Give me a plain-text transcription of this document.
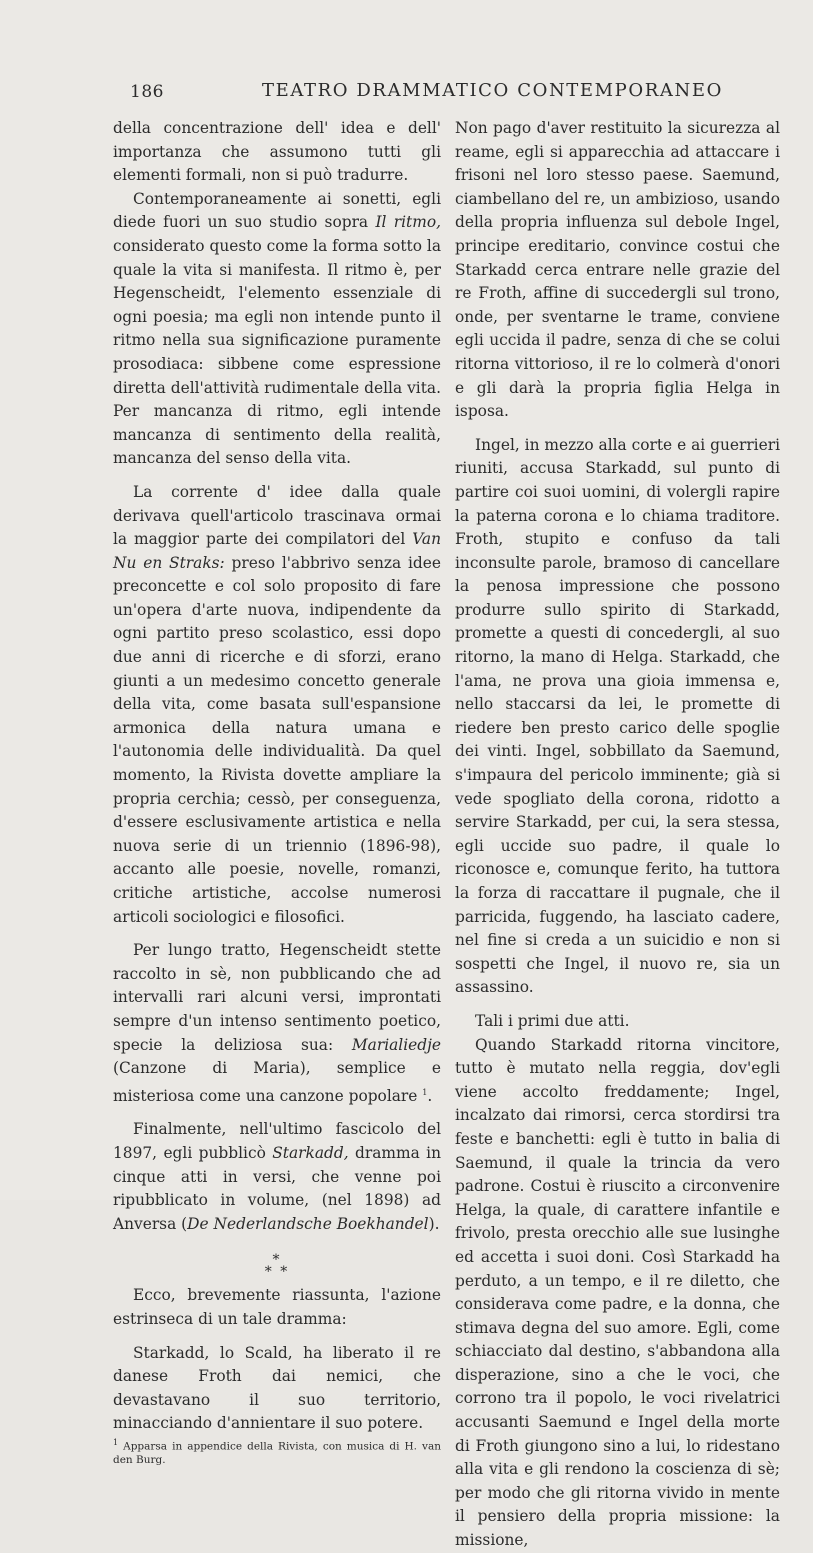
186	TEATRO DRAMMATICO CONTEMPORANEO

della concentrazione dell' idea e dell' importanza che assumono tutti gli elementi formali, non si può tradurre.

Contemporaneamente ai sonetti, egli diede fuori un suo studio sopra Il ritmo, considerato questo come la forma sotto la quale la vita si manifesta. Il ritmo è, per Hegenscheidt, l'elemento essenziale di ogni poesia; ma egli non intende punto il ritmo nella sua significazione puramente prosodiaca: sibbene come espressione diretta dell'attività rudimentale della vita. Per mancanza di ritmo, egli intende mancanza di sentimento della realità, mancanza del senso della vita.

La corrente d' idee dalla quale derivava quell'articolo trascinava ormai la maggior parte dei compilatori del Van Nu en Straks: preso l'abbrivo senza idee preconcette e col solo proposito di fare un'opera d'arte nuova, indipendente da ogni partito preso scolastico, essi dopo due anni di ricerche e di sforzi, erano giunti a un medesimo concetto generale della vita, come basata sull'espansione armonica della natura umana e l'autonomia delle individualità. Da quel momento, la Rivista dovette ampliare la propria cerchia; cessò, per conseguenza, d'essere esclusivamente artistica e nella nuova serie di un triennio (1896-98), accanto alle poesie, novelle, romanzi, critiche artistiche, accolse numerosi articoli sociologici e filosofici.

Per lungo tratto, Hegenscheidt stette raccolto in sè, non pubblicando che ad intervalli rari alcuni versi, improntati sempre d'un intenso sentimento poetico, specie la deliziosa sua: Marialiedje (Canzone di Maria), semplice e misteriosa come una canzone popolare $^1$.

Finalmente, nell'ultimo fascicolo del 1897, egli pubblicò Starkadd, dramma in cinque atti in versi, che venne poi ripubblicato in volume, (nel 1898) ad Anversa (De Nederlandsche Boekhandel).

*
* *

Ecco, brevemente riassunta, l'azione estrinseca di un tale dramma:

Starkadd, lo Scald, ha liberato il re danese Froth dai nemici, che devastavano il suo territorio, minacciando d'annientare il suo potere.

$^1$ Apparsa in appendice della Rivista, con musica di H. van den Burg.

Non pago d'aver restituito la sicurezza al reame, egli si apparecchia ad attaccare i frisoni nel loro stesso paese. Saemund, ciambellano del re, un ambizioso, usando della propria influenza sul debole Ingel, principe ereditario, convince costui che Starkadd cerca entrare nelle grazie del re Froth, affine di succedergli sul trono, onde, per sventarne le trame, conviene egli uccida il padre, senza di che se colui ritorna vittorioso, il re lo colmerà d'onori e gli darà la propria figlia Helga in isposa.

Ingel, in mezzo alla corte e ai guerrieri riuniti, accusa Starkadd, sul punto di partire coi suoi uomini, di volergli rapire la paterna corona e lo chiama traditore. Froth, stupito e confuso da tali inconsulte parole, bramoso di cancellare la penosa impressione che possono produrre sullo spirito di Starkadd, promette a questi di concedergli, al suo ritorno, la mano di Helga. Starkadd, che l'ama, ne prova una gioia immensa e, nello staccarsi da lei, le promette di riedere ben presto carico delle spoglie dei vinti. Ingel, sobbillato da Saemund, s'impaura del pericolo imminente; già si vede spogliato della corona, ridotto a servire Starkadd, per cui, la sera stessa, egli uccide suo padre, il quale lo riconosce e, comunque ferito, ha tuttora la forza di raccattare il pugnale, che il parricida, fuggendo, ha lasciato cadere, nel fine si creda a un suicidio e non si sospetti che Ingel, il nuovo re, sia un assassino.

Tali i primi due atti.

Quando Starkadd ritorna vincitore, tutto è mutato nella reggia, dov'egli viene accolto freddamente; Ingel, incalzato dai rimorsi, cerca stordirsi tra feste e banchetti: egli è tutto in balia di Saemund, il quale la trincia da vero padrone. Costui è riuscito a circonvenire Helga, la quale, di carattere infantile e frivolo, presta orecchio alle sue lusinghe ed accetta i suoi doni. Così Starkadd ha perduto, a un tempo, e il re diletto, che considerava come padre, e la donna, che stimava degna del suo amore. Egli, come schiacciato dal destino, s'abbandona alla disperazione, sino a che le voci, che corrono tra il popolo, le voci rivelatrici accusanti Saemund e Ingel della morte di Froth giungono sino a lui, lo ridestano alla vita e gli rendono la coscienza di sè; per modo che gli ritorna vivido in mente il pensiero della propria missione: la missione,
